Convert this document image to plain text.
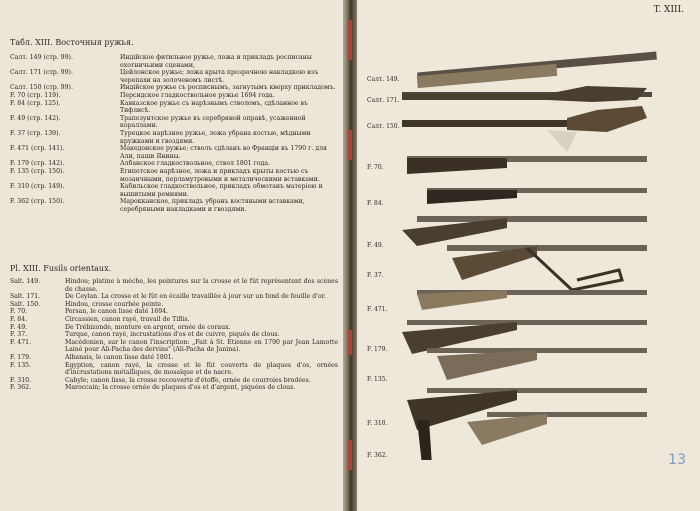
Табл. XIII. Восточныя ружья.
Салт. 149 (стр. 99).	Индійское фитильное ружье, ложа и прикладъ росписаны охотничьими сценами,
Салт. 171 (стр. 99).	Цейлонское ружье; ложа крыта прозрачною накладкою изъ черепахи на золоченомъ листѣ.
Салт. 150 (стр. 99).	Индійское ружье съ росписнымъ, загнутымъ кверху прикладомъ.
F. 70 (стр. 119).	Персидское гладкоствольное ружье 1694 года.
F. 84 (стр. 125).	Кавказское ружье съ нарѣзнымъ стволомъ, сдѣланное въ Тифлисѣ.
F. 49 (стр. 142).	Трапезунтское ружье въ серебряной оправѣ, усаженной кораллами.
F. 37 (стр. 139).	Турецкое нарѣзное ружье, ложа убрана костью, мѣдными кружками и гвоздями.
F. 471 (стр. 141).	Македонское ружье; стволъ сдѣланъ во Франціи въ 1790 г. для Али, паши Янины.
F. 179 (стр. 142).	Албанское гладкоствольное, ствол 1801 года.
F. 135 (стр. 150).	Египетское нарѣзное, ложа и прикладъ крыты костью съ мозаичными, перламутровыми и металическими вставками.
F. 310 (стр. 149).	Кабильское гладкоствольное, прикладъ обмотанъ матеріею и вышитыми ремнями.
F. 362 (стр. 150).	Марокканское, прикладъ убранъ костяными вставками, серебряными накладками и гвоздями.
Pl. XIII. Fusils orientaux.
Salt. 149.	Hindou; platine à mèche, les peintures sur la crosse et le fût représentent des scènes de chasse.
Salt. 171.	De Ceylan. La crosse et le fût en écaille travaillée à jour sur un fond de feuille d'or.
Salt. 150.	Hindou, crosse courbée peinte.
F. 70.	Persan, le canon lisse daté 1694.
F. 84.	Circassien, canon rayé, travail de Tiflis.
F. 49.	De Trébizonde, monture en argent, ornée de coraux.
F. 37.	Turque, canon rayé, incrustations d'os et de cuivre, piqués de clous.
F. 471.	Macédonien, sur le canon l'inscription: „Fait à St. Etienne en 1790 par Jean Lamotte Lainé pour Ali-Pacha des dervins" (Ali-Pacha de Janina).
F. 179.	Albanais, le canon lisse daté 1801.
F. 135.	Egyptien, canon rayé, la crosse et le fût couverts de plaques d'os, ornées d'incrustations métalliques, de mosaïque et de nacre.
F. 310.	Cabyle; canon lisse, la crosse recouverte d'étoffe, ornée de courroies brodées.
F. 362.	Maroccain; la crosse ornée de plaques d'os et d'argent, piquées de clous.
T. XIII.
Салт. 149.
Салт. 171.
Салт. 150.
F. 70.
F. 84.
F. 49.
F. 37.
F. 471.
F. 179.
F. 135.
F. 310.
F. 362.	13
